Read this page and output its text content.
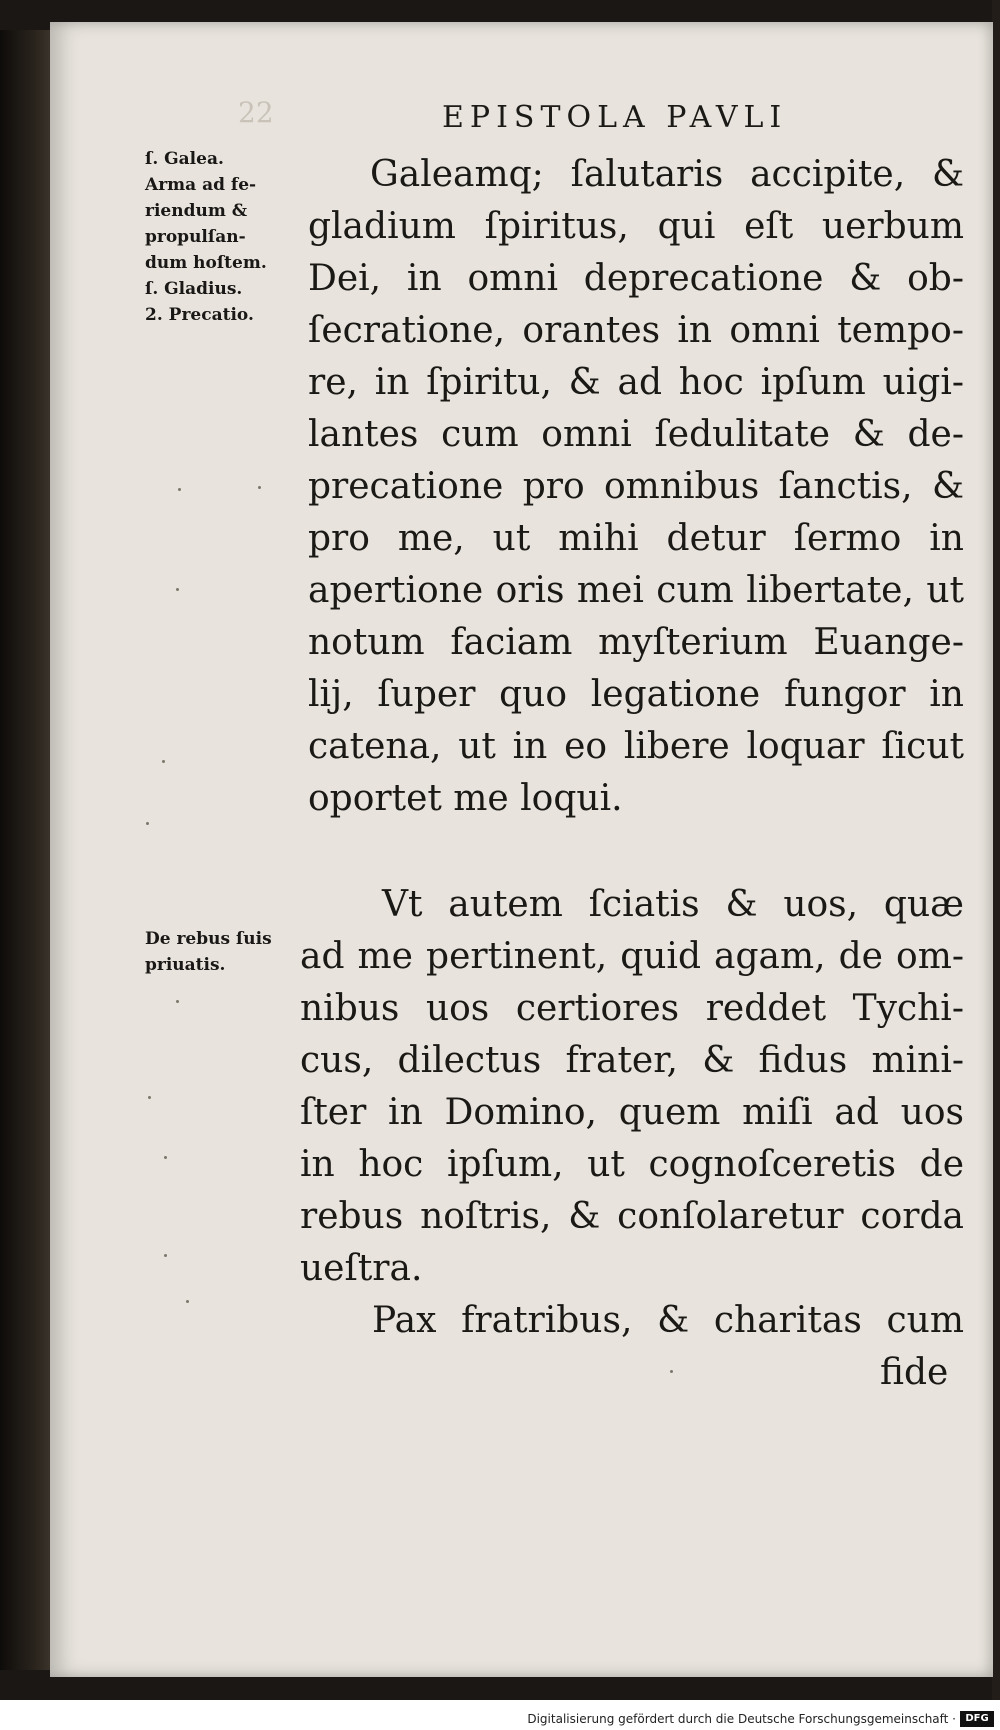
22	EPISTOLA PAVLI
ſ. Galea.
Arma ad fe-
riendum &
propulſan-
dum hoſtem.
ſ. Gladius.
2. Precatio.
De rebus ſuis
priuatis.
Galeamq; ſalutaris accipite, &
gladium ſpiritus, qui eſt uerbum
Dei, in omni deprecatione & ob-
ſecratione, orantes in omni tempo-
re, in ſpiritu, & ad hoc ipſum uigi-
lantes cum omni ſedulitate & de-
precatione pro omnibus ſanctis, &
pro me, ut mihi detur ſermo in
apertione oris mei cum libertate, ut
notum faciam myſterium Euange-
lij, ſuper quo legatione fungor in
catena, ut in eo libere loquar ſicut
oportet me loqui.
Vt autem ſciatis & uos, quæ
ad me pertinent, quid agam, de om-
nibus uos certiores reddet Tychi-
cus, dilectus frater, & fidus mini-
ſter in Domino, quem miſi ad uos
in hoc ipſum, ut cognoſceretis de
rebus noſtris, & conſolaretur corda
ueſtra.
Pax fratribus, & charitas cum
fide
Digitalisierung gefördert durch die Deutsche Forschungsgemeinschaft · DFG
